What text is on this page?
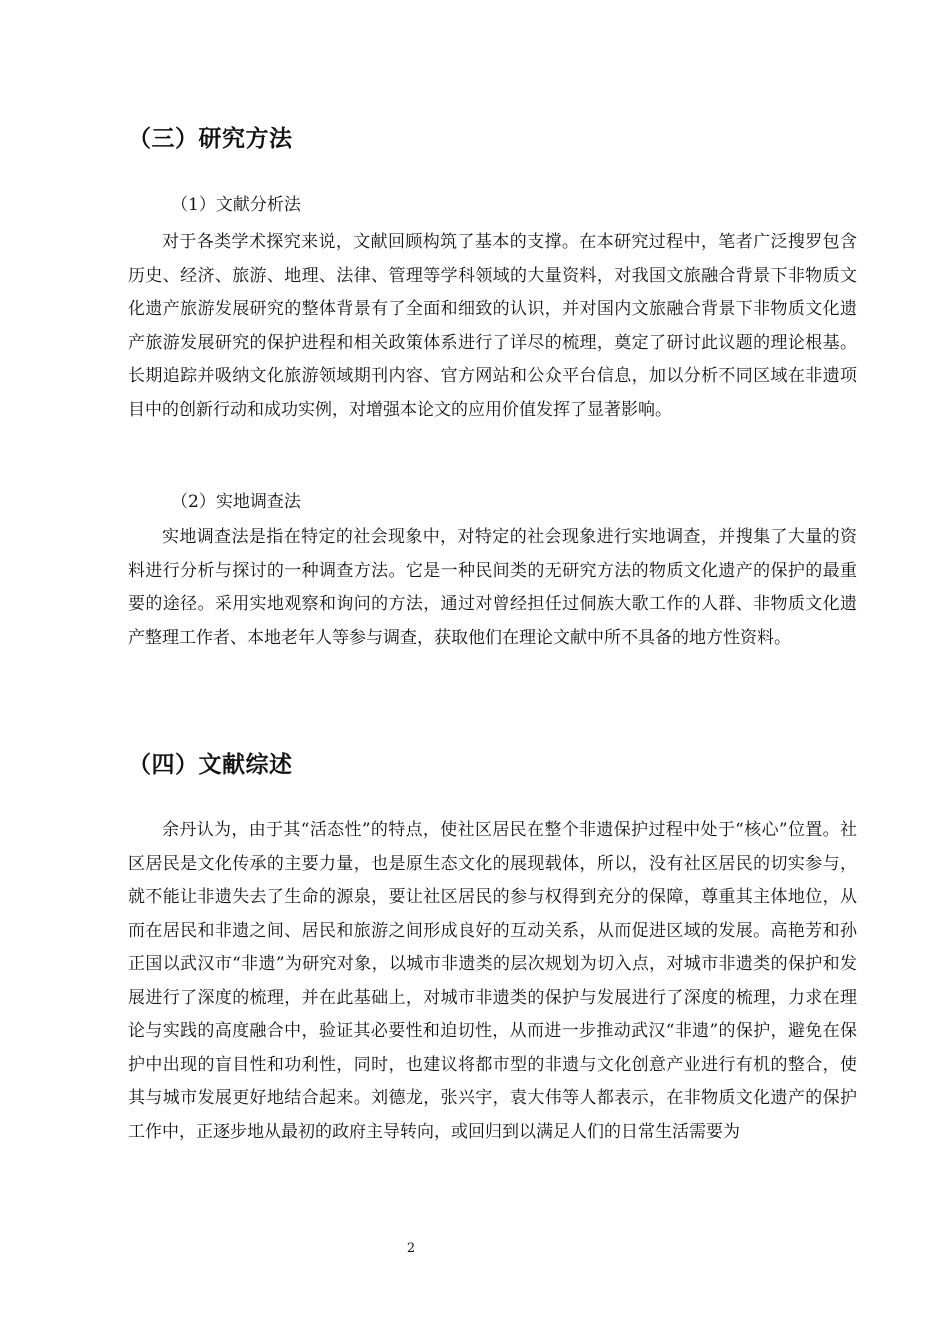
（三）研究方法
（1）文献分析法
对于各类学术探究来说，文献回顾构筑了基本的支撑。在本研究过程中，笔者广泛搜罗包含历史、经济、旅游、地理、法律、管理等学科领域的大量资料，对我国文旅融合背景下非物质文化遗产旅游发展研究的整体背景有了全面和细致的认识，并对国内文旅融合背景下非物质文化遗产旅游发展研究的保护进程和相关政策体系进行了详尽的梳理，奠定了研讨此议题的理论根基。长期追踪并吸纳文化旅游领域期刊内容、官方网站和公众平台信息，加以分析不同区域在非遗项目中的创新行动和成功实例，对增强本论文的应用价值发挥了显著影响。
（2）实地调查法
实地调查法是指在特定的社会现象中，对特定的社会现象进行实地调查，并搜集了大量的资料进行分析与探讨的一种调查方法。它是一种民间类的无研究方法的物质文化遗产的保护的最重要的途径。采用实地观察和询问的方法，通过对曾经担任过侗族大歌工作的人群、非物质文化遗产整理工作者、本地老年人等参与调查，获取他们在理论文献中所不具备的地方性资料。
（四）文献综述
余丹认为，由于其“活态性”的特点，使社区居民在整个非遗保护过程中处于“核心”位置。社区居民是文化传承的主要力量，也是原生态文化的展现载体，所以，没有社区居民的切实参与，就不能让非遗失去了生命的源泉，要让社区居民的参与权得到充分的保障，尊重其主体地位，从而在居民和非遗之间、居民和旅游之间形成良好的互动关系，从而促进区域的发展。高艳芳和孙正国以武汉市“非遗”为研究对象，以城市非遗类的层次规划为切入点，对城市非遗类的保护和发展进行了深度的梳理，并在此基础上，对城市非遗类的保护与发展进行了深度的梳理，力求在理论与实践的高度融合中，验证其必要性和迫切性，从而进一步推动武汉“非遗”的保护，避免在保护中出现的盲目性和功利性，同时，也建议将都市型的非遗与文化创意产业进行有机的整合，使其与城市发展更好地结合起来。刘德龙，张兴宇，袁大伟等人都表示，在非物质文化遗产的保护工作中，正逐步地从最初的政府主导转向，或回归到以满足人们的日常生活需要为
2
